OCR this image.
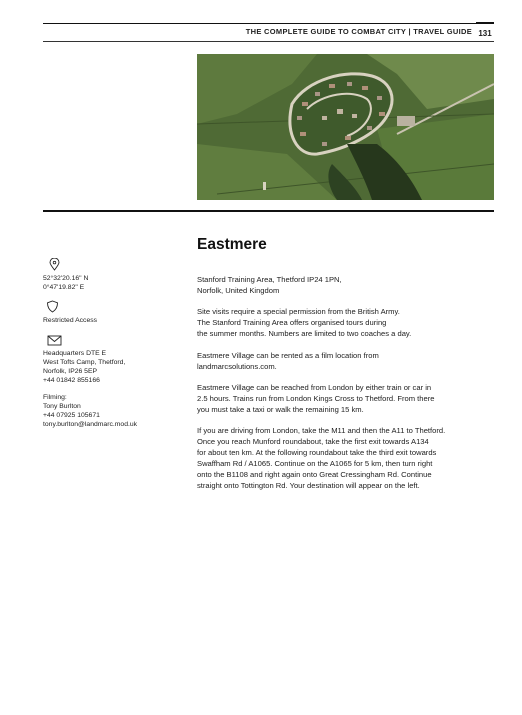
THE COMPLETE GUIDE TO COMBAT CITY | TRAVEL GUIDE 131
Eastmere

52°32'20.16" N

0°47'19.82" E

Restricted Access

Headquarters DTE E

West Tofts Camp, Thetford,

Norfolk, IP26 5EP

+44 01842 855166

Filming:

Tony Burlton

+44 07925 105671

tony.burlton@landmarc.mod.uk

Stanford Training Area, Thetford IP24 1PN,
Norfolk, United Kingdom

Site visits require a special permission from the British Army.
The Stanford Training Area offers organised tours during
the summer months. Numbers are limited to two coaches a day.

Eastmere Village can be rented as a film location from
landmarcsolutions.com.

Eastmere Village can be reached from London by either train or car in
2.5 hours. Trains run from London Kings Cross to Thetford. From there
you must take a taxi or walk the remaining 15 km.

If you are driving from London, take the M11 and then the A11 to Thetford.
Once you reach Munford roundabout, take the first exit towards A134
for about ten km. At the following roundabout take the third exit towards
Swaffham Rd / A1065. Continue on the A1065 for 5 km, then turn right
onto the B1108 and right again onto Great Cressingham Rd. Continue
straight onto Tottington Rd. Your destination will appear on the left.
